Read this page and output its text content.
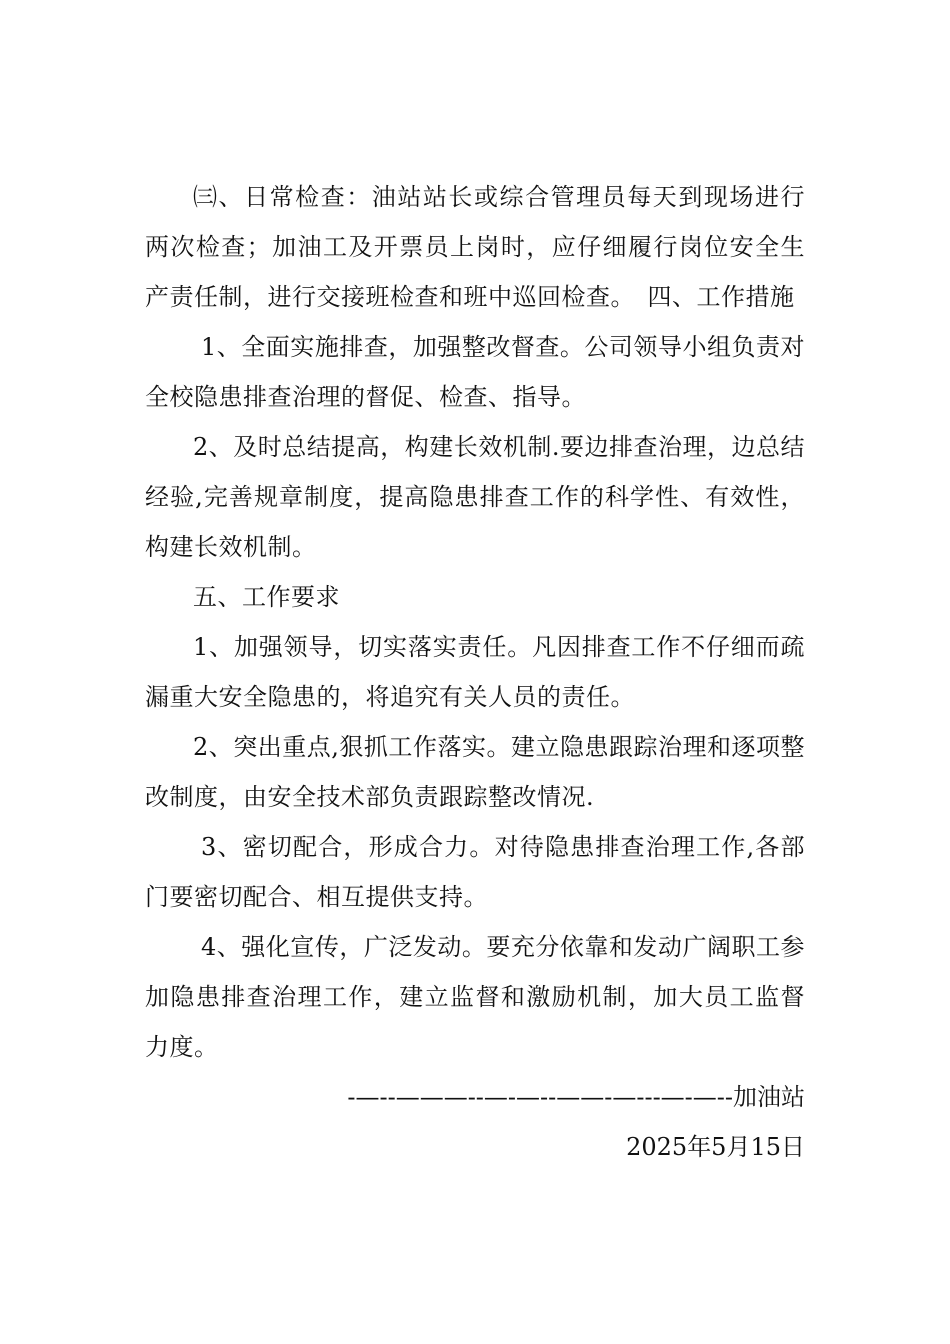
㈢、日常检查：油站站长或综合管理员每天到现场进行两次检查；加油工及开票员上岗时，应仔细履行岗位安全生产责任制，进行交接班检查和班中巡回检查。　四、工作措施

1、全面实施排查，加强整改督查。公司领导小组负责对全校隐患排查治理的督促、检查、指导。

2、及时总结提高，构建长效机制.要边排查治理，边总结经验,完善规章制度，提高隐患排查工作的科学性、有效性，构建长效机制。

五、工作要求

1、加强领导，切实落实责任。凡因排查工作不仔细而疏漏重大安全隐患的，将追究有关人员的责任。

2、突出重点,狠抓工作落实。建立隐患跟踪治理和逐项整改制度，由安全技术部负责跟踪整改情况.

3、密切配合，形成合力。对待隐患排查治理工作,各部门要密切配合、相互提供支持。

4、强化宣传，广泛发动。要充分依靠和发动广阔职工参加隐患排查治理工作，建立监督和激励机制，加大员工监督力度。

-—--———--—-—--——-—---—-—--加油站

2025年5月15日
